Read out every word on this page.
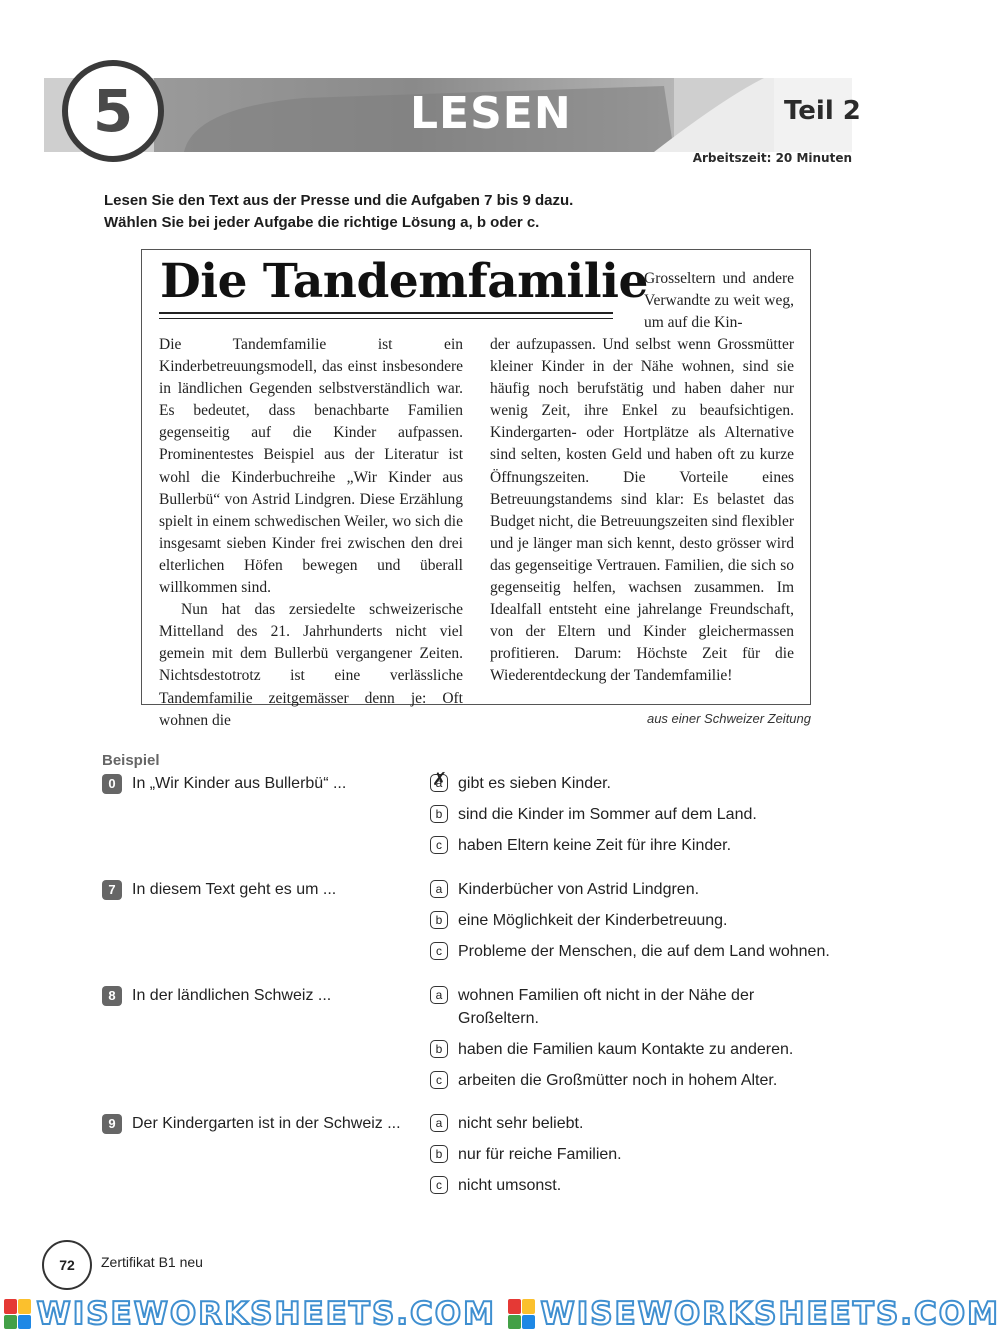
5	LESEN	Teil 2
Arbeitszeit: 20 Minuten
Lesen Sie den Text aus der Presse und die Aufgaben 7 bis 9 dazu.
Wählen Sie bei jeder Aufgabe die richtige Lösung a, b oder c.
Die Tandemfamilie
Grosseltern und andere Verwandte zu weit weg, um auf die Kin-

Die Tandemfamilie ist ein Kinderbetreuungsmodell, das einst insbesondere in ländlichen Gegenden selbstverständlich war. Es bedeutet, dass benachbarte Familien gegenseitig auf die Kinder aufpassen. Prominentestes Beispiel aus der Literatur ist wohl die Kinderbuchreihe „Wir Kinder aus Bullerbü“ von Astrid Lindgren. Diese Erzählung spielt in einem schwedischen Weiler, wo sich die insgesamt sieben Kinder frei zwischen den drei elterlichen Höfen bewegen und überall willkommen sind.

Nun hat das zersiedelte schweizerische Mittelland des 21. Jahrhunderts nicht viel gemein mit dem Bullerbü vergangener Zeiten. Nichtsdestotrotz ist eine verlässliche Tandemfamilie zeitgemässer denn je: Oft wohnen die

der aufzupassen. Und selbst wenn Grossmütter kleiner Kinder in der Nähe wohnen, sind sie häufig noch berufstätig und haben daher nur wenig Zeit, ihre Enkel zu beaufsichtigen. Kindergarten- oder Hortplätze als Alternative sind selten, kosten Geld und haben oft zu kurze Öffnungszeiten. Die Vorteile eines Betreuungstandems sind klar: Es belastet das Budget nicht, die Betreuungszeiten sind flexibler und je länger man sich kennt, desto grösser wird das gegenseitige Vertrauen. Familien, die sich so gegenseitig helfen, wachsen zusammen. Im Idealfall entsteht eine jahrelange Freundschaft, von der Eltern und Kinder gleichermassen profitieren. Darum: Höchste Zeit für die Wiederentdeckung der Tandemfamilie!

aus einer Schweizer Zeitung
Beispiel
0	In „Wir Kinder aus Bullerbü“ ...	a ✗ gibt es sieben Kinder.
b sind die Kinder im Sommer auf dem Land.
c	haben Eltern keine Zeit für ihre Kinder.
7	In diesem Text geht es um ...	a Kinderbücher von Astrid Lindgren.
b eine Möglichkeit der Kinderbetreuung.
c	Probleme der Menschen, die auf dem Land wohnen.
8	In der ländlichen Schweiz ...	a wohnen Familien oft nicht in der Nähe der Großeltern.
b haben die Familien kaum Kontakte zu anderen.
c	arbeiten die Großmütter noch in hohem Alter.
9	Der Kindergarten ist in der Schweiz ...	a nicht sehr beliebt.
b nur für reiche Familien.
c	nicht umsonst.
72	Zertifikat B1 neu
WISEWORKSHEETS.COM WISEWORKSHEETS.COM
